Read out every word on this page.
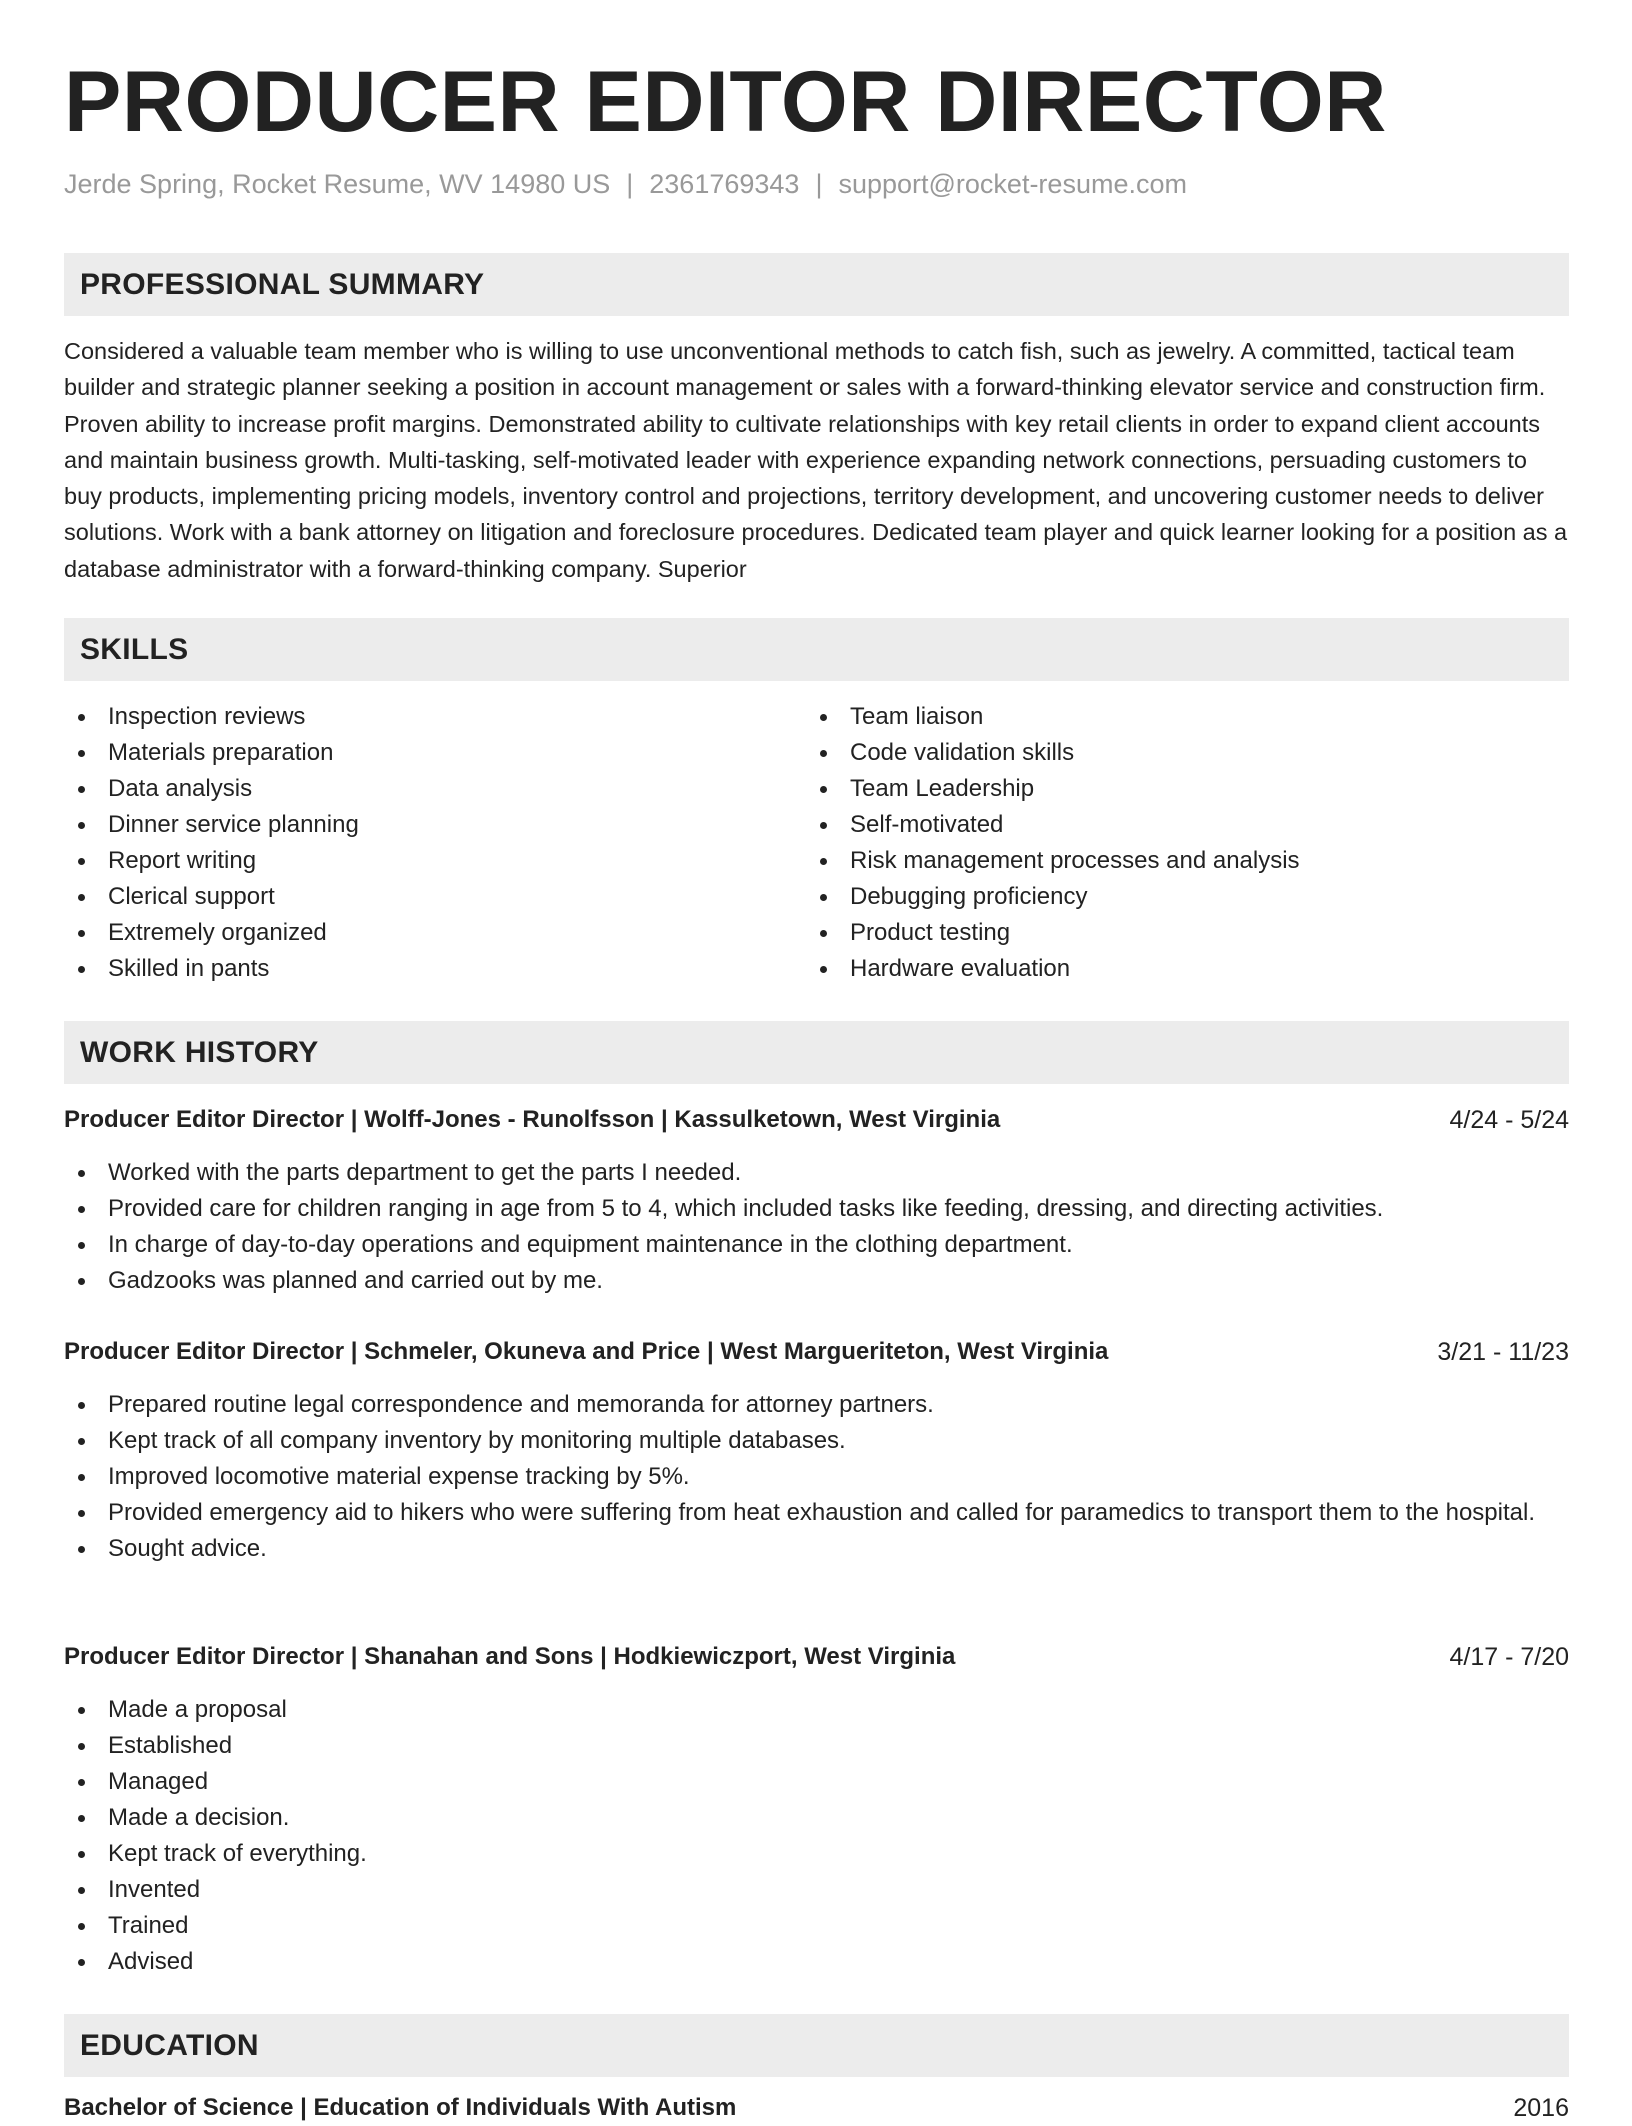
PRODUCER EDITOR DIRECTOR
Jerde Spring, Rocket Resume, WV 14980 US | 2361769343 | support@rocket-resume.com
PROFESSIONAL SUMMARY

Considered a valuable team member who is willing to use unconventional methods to catch fish, such as jewelry. A committed, tactical team builder and strategic planner seeking a position in account management or sales with a forward-thinking elevator service and construction firm. Proven ability to increase profit margins. Demonstrated ability to cultivate relationships with key retail clients in order to expand client accounts and maintain business growth. Multi-tasking, self-motivated leader with experience expanding network connections, persuading customers to buy products, implementing pricing models, inventory control and projections, territory development, and uncovering customer needs to deliver solutions. Work with a bank attorney on litigation and foreclosure procedures. Dedicated team player and quick learner looking for a position as a database administrator with a forward-thinking company. Superior

SKILLS
Inspection reviews
Materials preparation
Data analysis
Dinner service planning
Report writing
Clerical support
Extremely organized
Skilled in pants
Team liaison
Code validation skills
Team Leadership
Self-motivated
Risk management processes and analysis
Debugging proficiency
Product testing
Hardware evaluation
WORK HISTORY
Producer Editor Director | Wolff-Jones - Runolfsson | Kassulketown, West Virginia	4/24 - 5/24
Worked with the parts department to get the parts I needed.
Provided care for children ranging in age from 5 to 4, which included tasks like feeding, dressing, and directing activities.
In charge of day-to-day operations and equipment maintenance in the clothing department.
Gadzooks was planned and carried out by me.
Producer Editor Director | Schmeler, Okuneva and Price | West Margueriteton, West Virginia	3/21 - 11/23
Prepared routine legal correspondence and memoranda for attorney partners.
Kept track of all company inventory by monitoring multiple databases.
Improved locomotive material expense tracking by 5%.
Provided emergency aid to hikers who were suffering from heat exhaustion and called for paramedics to transport them to the hospital.
Sought advice.
Producer Editor Director | Shanahan and Sons | Hodkiewiczport, West Virginia	4/17 - 7/20
Made a proposal
Established
Managed
Made a decision.
Kept track of everything.
Invented
Trained
Advised
EDUCATION
Bachelor of Science | Education of Individuals With Autism	2016
